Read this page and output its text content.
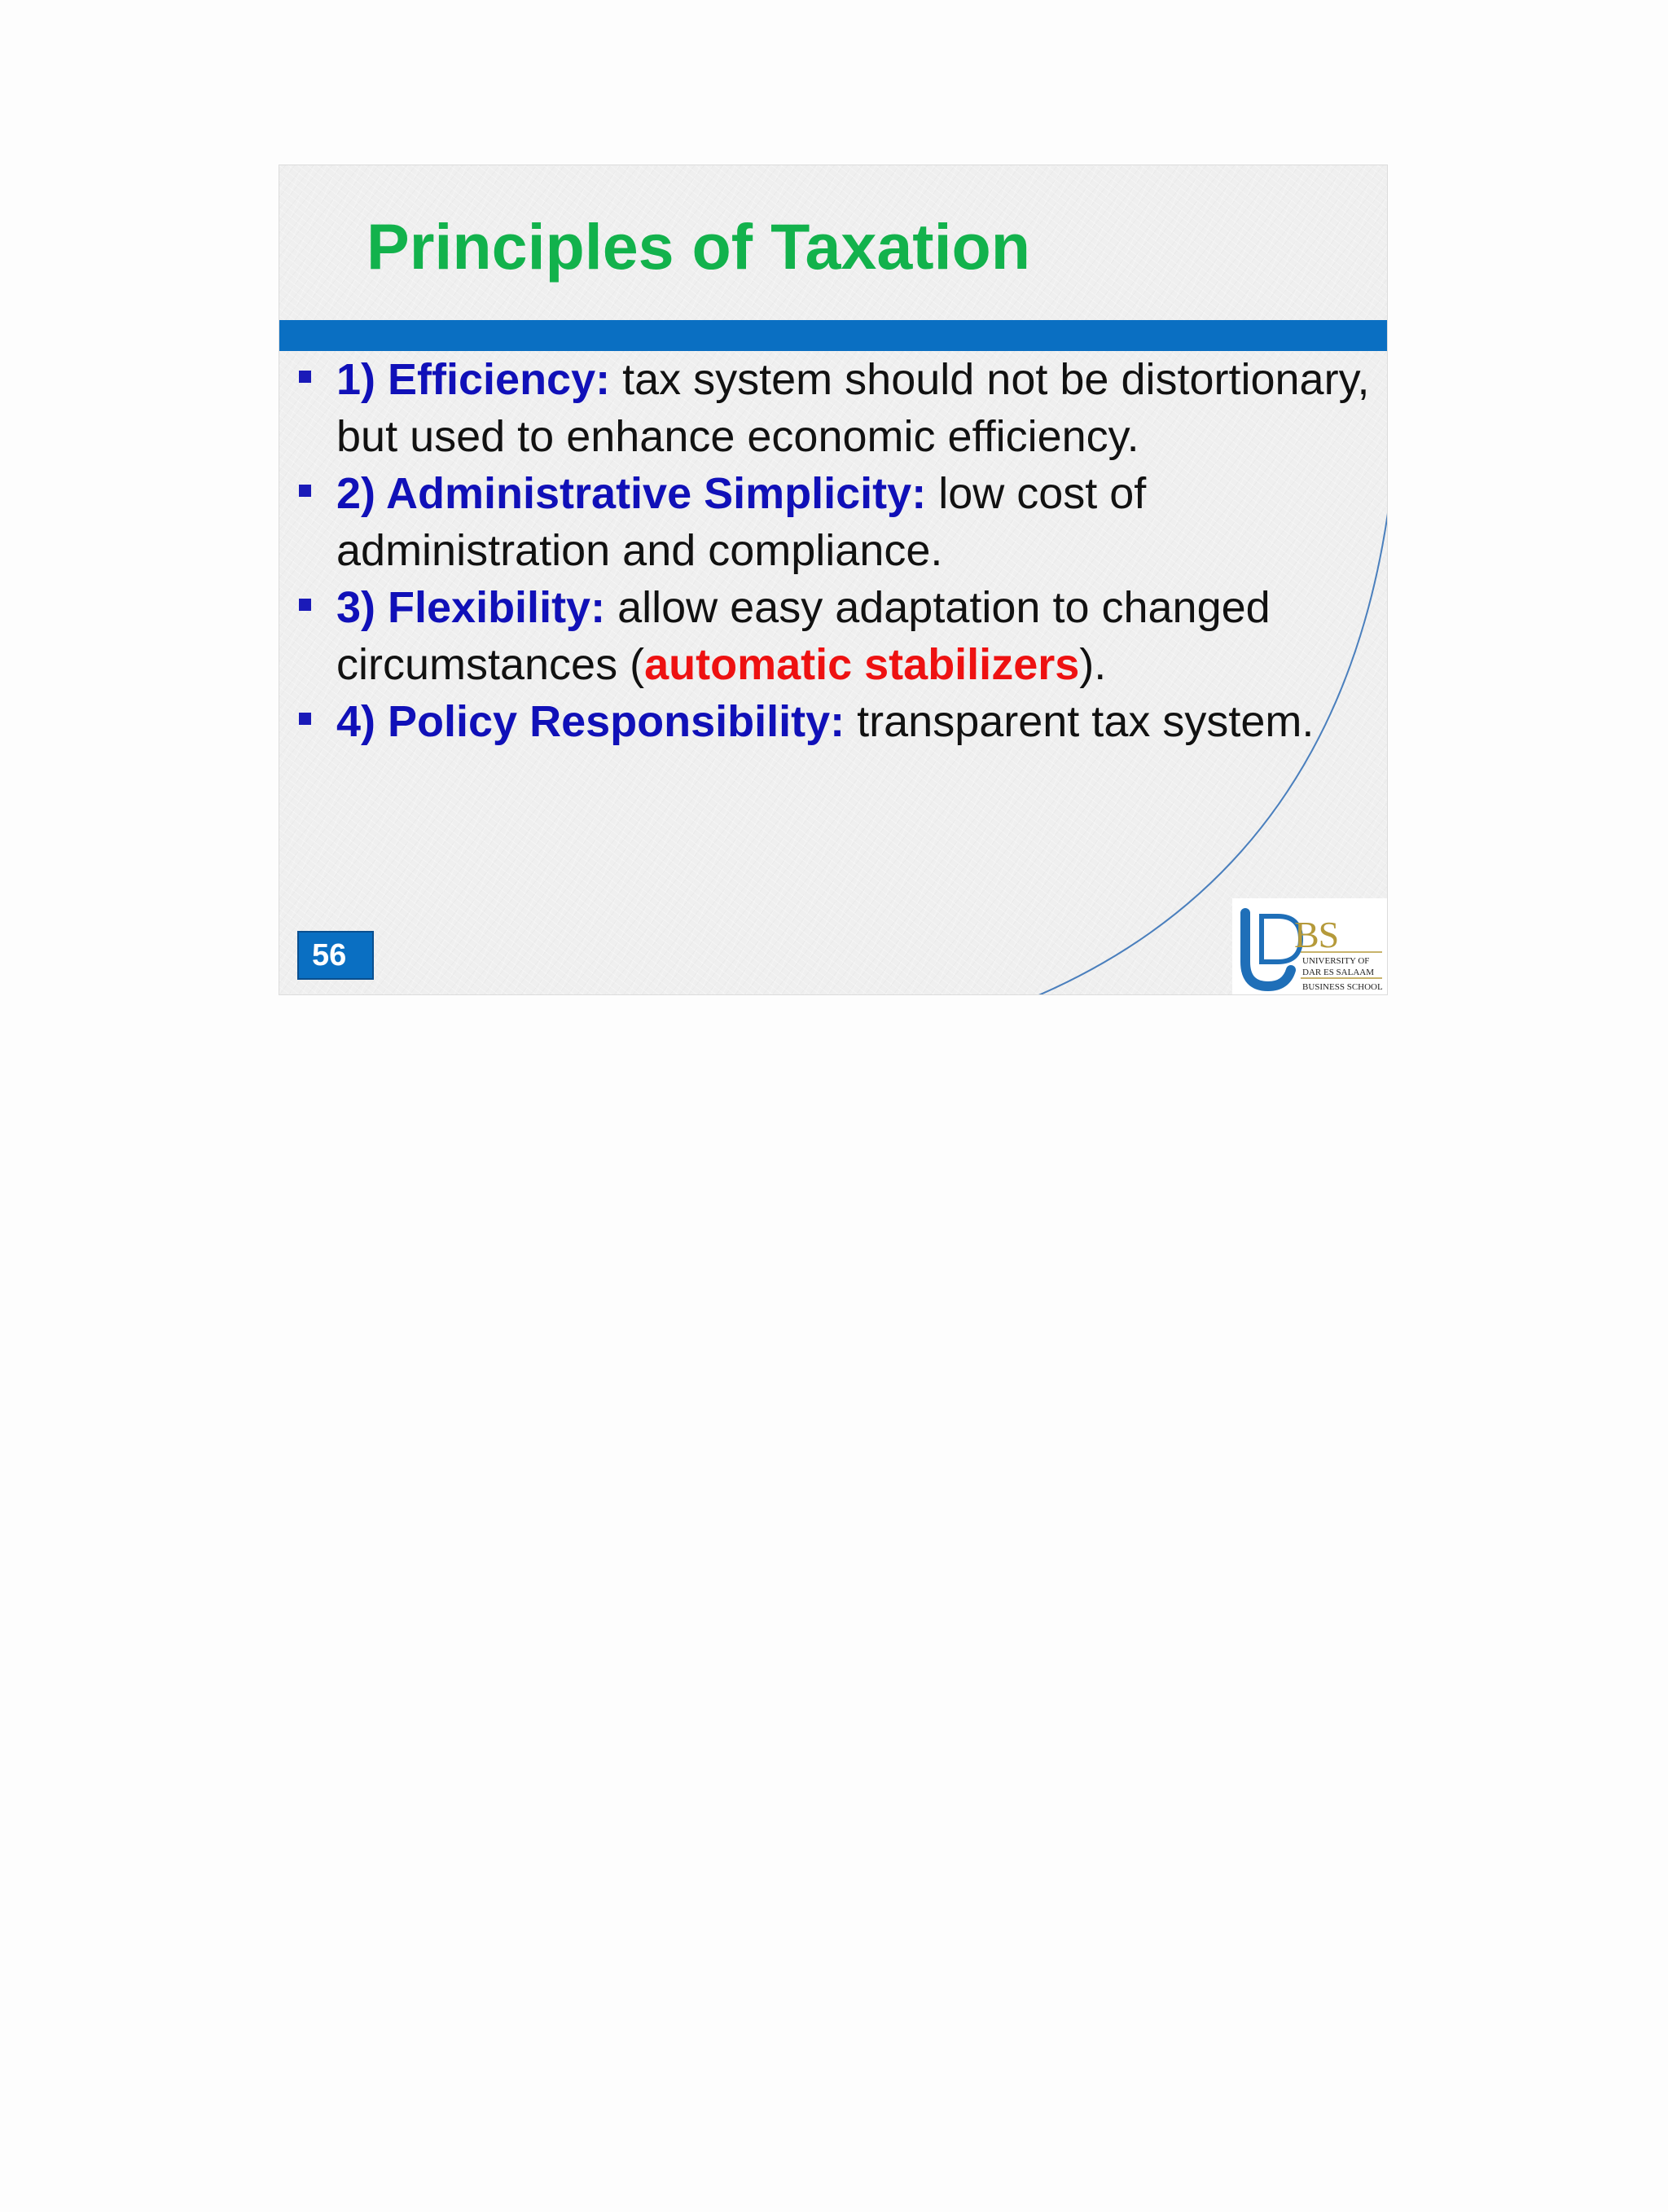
Principles of Taxation
1) Efficiency: tax system should not be distortionary, but used to enhance economic efficiency.
2) Administrative Simplicity: low cost of administration and compliance.
3) Flexibility: allow easy adaptation to changed circumstances (automatic stabilizers).
4) Policy Responsibility: transparent tax system.
56	BS
UNIVERSITY OF
DAR ES SALAAM
BUSINESS SCHOOL
